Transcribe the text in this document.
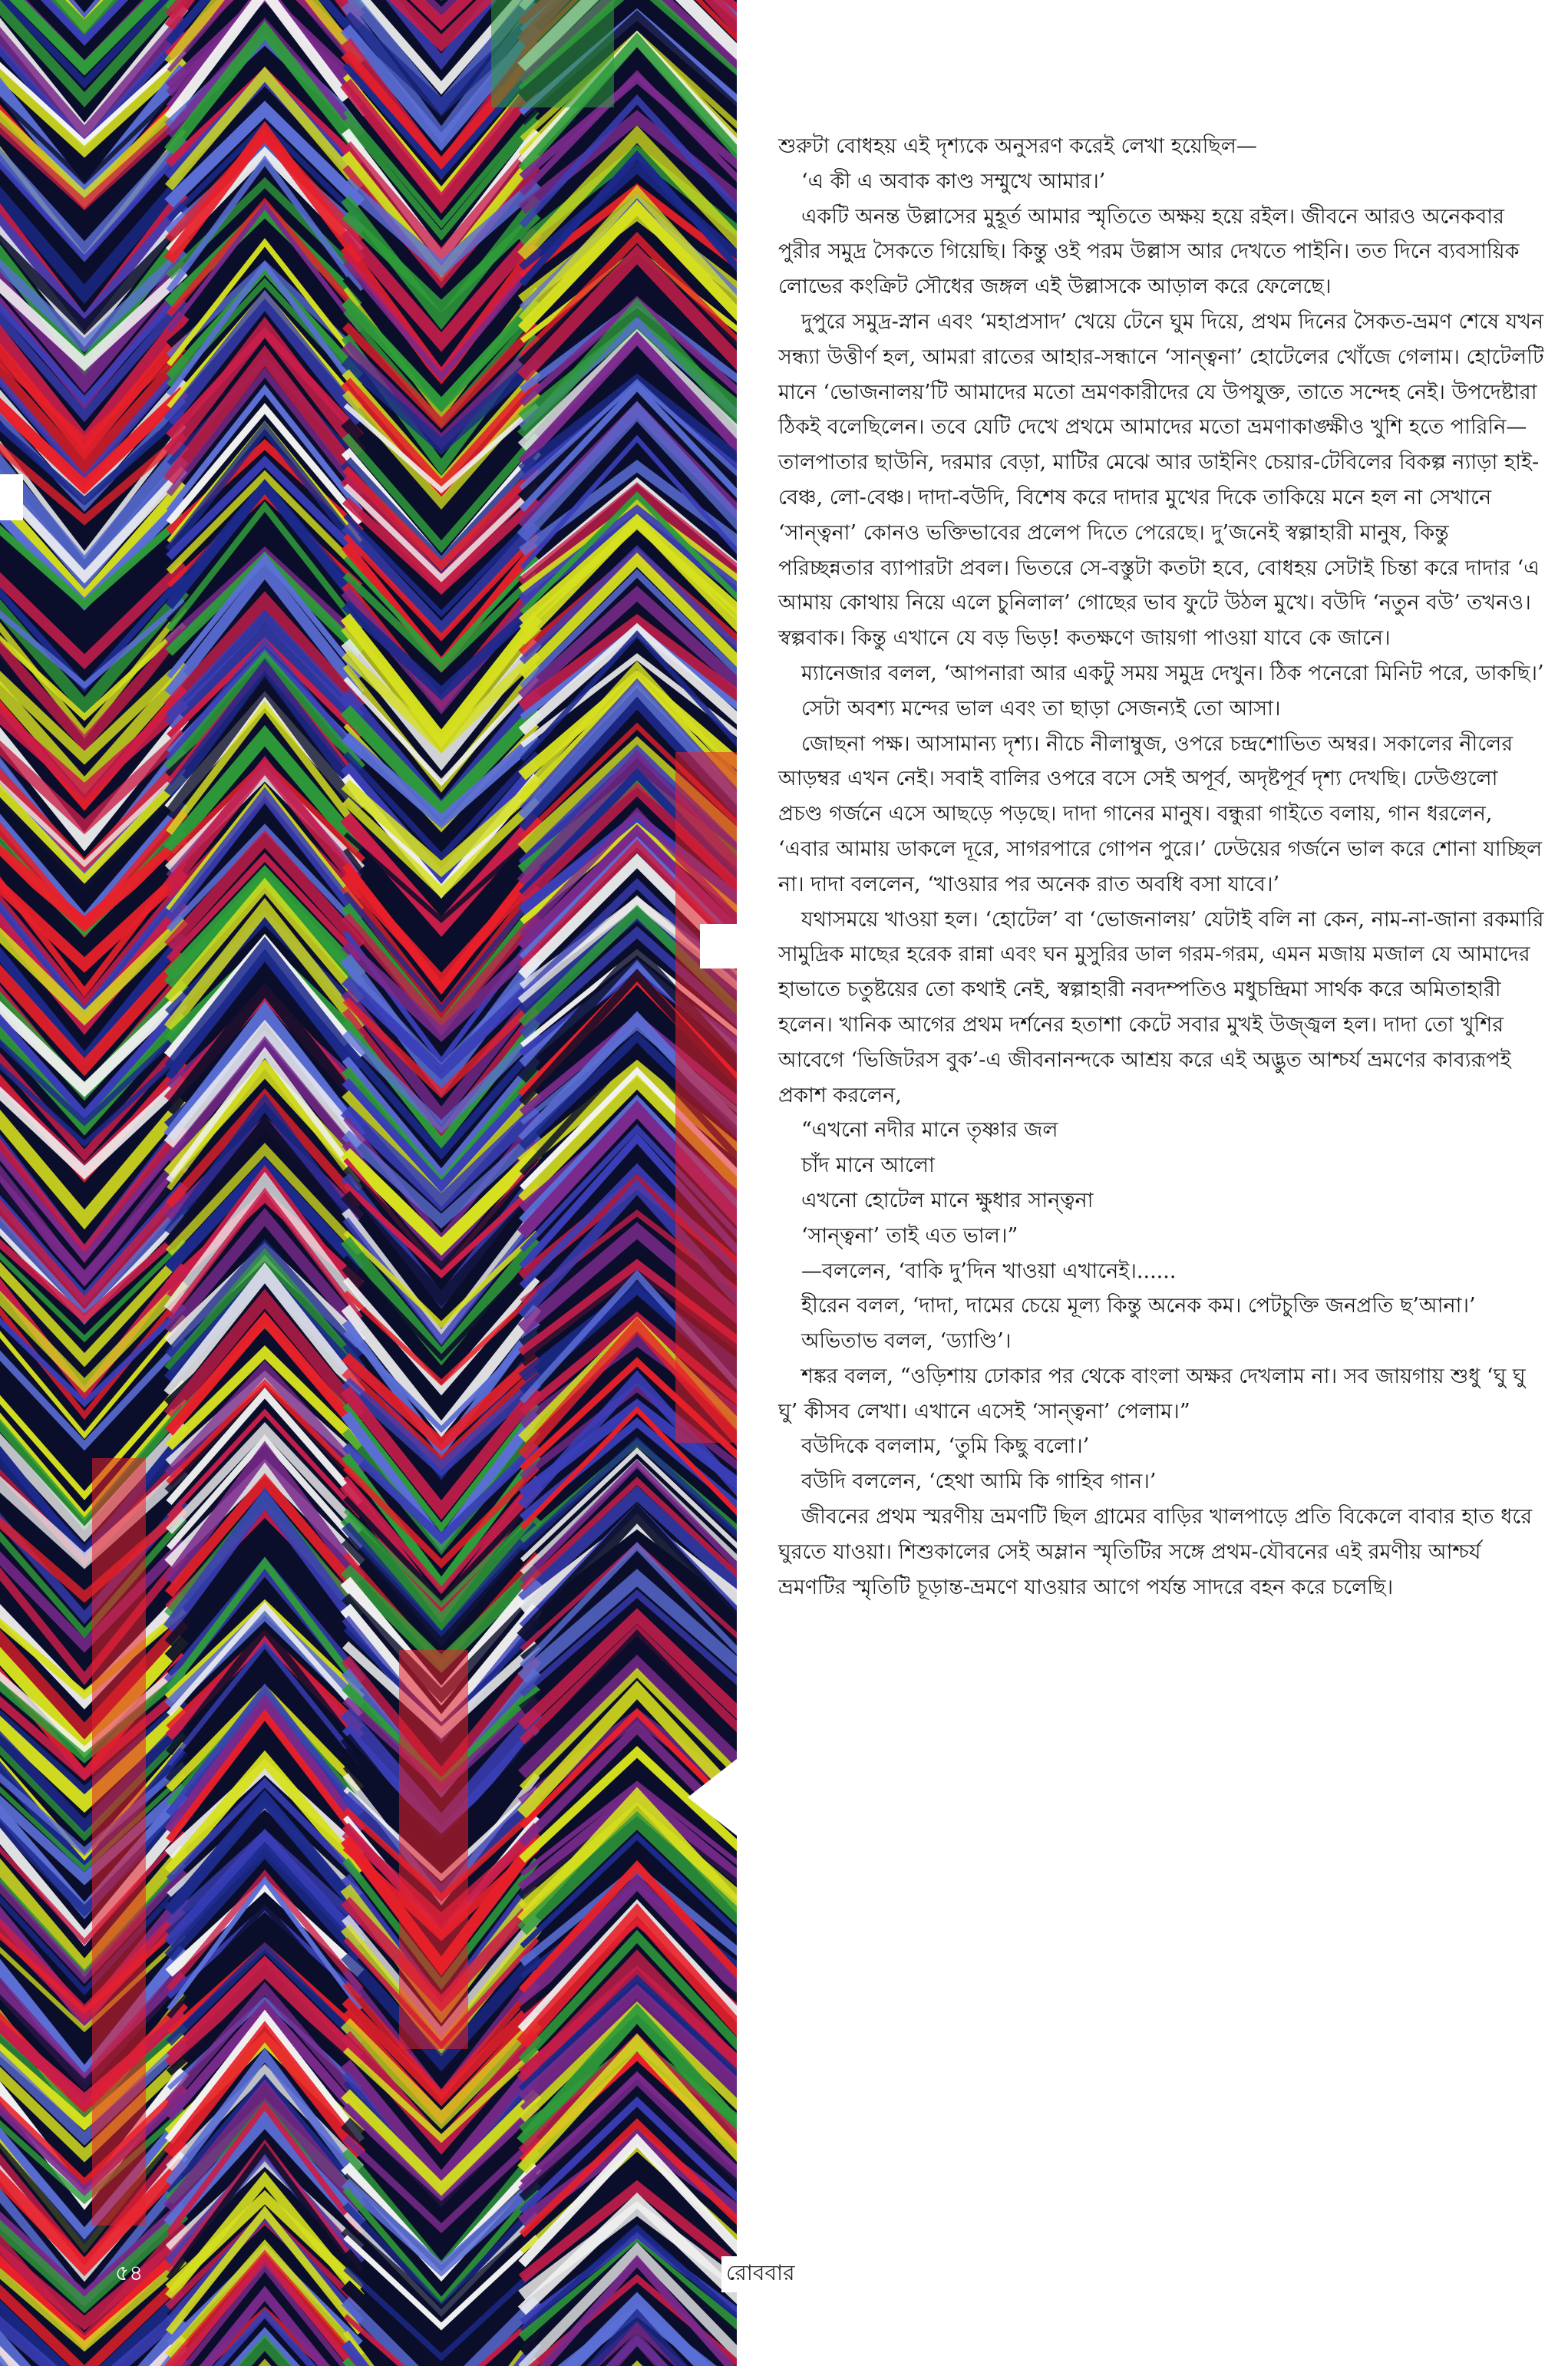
শুরুটা বোধহয় এই দৃশ্যকে অনুসরণ করেই লেখা হয়েছিল—

‘এ কী এ অবাক কাণ্ড সম্মুখে আমার।’

একটি অনন্ত উল্লাসের মুহূর্ত আমার স্মৃতিতে অক্ষয় হয়ে রইল। জীবনে আরও অনেকবার পুরীর সমুদ্র সৈকতে গিয়েছি। কিন্তু ওই পরম উল্লাস আর দেখতে পাইনি। তত দিনে ব্যবসায়িক লোভের কংক্রিট সৌধের জঙ্গল এই উল্লাসকে আড়াল করে ফেলেছে।

দুপুরে সমুদ্র-স্নান এবং ‘মহাপ্রসাদ’ খেয়ে টেনে ঘুম দিয়ে, প্রথম দিনের সৈকত-ভ্রমণ শেষে যখন সন্ধ্যা উত্তীর্ণ হল, আমরা রাতের আহার-সন্ধানে ‘সান্ত্বনা’ হোটেলের খোঁজে গেলাম। হোটেলটি মানে ‘ভোজনালয়’টি আমাদের মতো ভ্রমণকারীদের যে উপযুক্ত, তাতে সন্দেহ নেই। উপদেষ্টারা ঠিকই বলেছিলেন। তবে যেটি দেখে প্রথমে আমাদের মতো ভ্রমণাকাঙ্ক্ষীও খুশি হতে পারিনি—তালপাতার ছাউনি, দরমার বেড়া, মাটির মেঝে আর ডাইনিং চেয়ার-টেবিলের বিকল্প ন্যাড়া হাই-বেঞ্চ, লো-বেঞ্চ। দাদা-বউদি, বিশেষ করে দাদার মুখের দিকে তাকিয়ে মনে হল না সেখানে ‘সান্ত্বনা’ কোনও ভক্তিভাবের প্রলেপ দিতে পেরেছে। দু’জনেই স্বল্পাহারী মানুষ, কিন্তু পরিচ্ছন্নতার ব্যাপারটা প্রবল। ভিতরে সে-বস্তুটা কতটা হবে, বোধহয় সেটাই চিন্তা করে দাদার ‘এ আমায় কোথায় নিয়ে এলে চুনিলাল’ গোছের ভাব ফুটে উঠল মুখে। বউদি ‘নতুন বউ’ তখনও। স্বল্পবাক। কিন্তু এখানে যে বড় ভিড়! কতক্ষণে জায়গা পাওয়া যাবে কে জানে।

ম্যানেজার বলল, ‘আপনারা আর একটু সময় সমুদ্র দেখুন। ঠিক পনেরো মিনিট পরে, ডাকছি।’

সেটা অবশ্য মন্দের ভাল এবং তা ছাড়া সেজন্যই তো আসা।

জোছনা পক্ষ। আসামান্য দৃশ্য। নীচে নীলাম্বুজ, ওপরে চন্দ্রশোভিত অম্বর। সকালের নীলের আড়ম্বর এখন নেই। সবাই বালির ওপরে বসে সেই অপূর্ব, অদৃষ্টপূর্ব দৃশ্য দেখছি। ঢেউগুলো প্রচণ্ড গর্জনে এসে আছড়ে পড়ছে। দাদা গানের মানুষ। বন্ধুরা গাইতে বলায়, গান ধরলেন, ‘এবার আমায় ডাকলে দূরে, সাগরপারে গোপন পুরে।’ ঢেউয়ের গর্জনে ভাল করে শোনা যাচ্ছিল না। দাদা বললেন, ‘খাওয়ার পর অনেক রাত অবধি বসা যাবে।’

যথাসময়ে খাওয়া হল। ‘হোটেল’ বা ‘ভোজনালয়’ যেটাই বলি না কেন, নাম-না-জানা রকমারি সামুদ্রিক মাছের হরেক রান্না এবং ঘন মুসুরির ডাল গরম-গরম, এমন মজায় মজাল যে আমাদের হাভাতে চতুষ্টয়ের তো কথাই নেই, স্বল্পাহারী নবদম্পতিও মধুচন্দ্রিমা সার্থক করে অমিতাহারী হলেন। খানিক আগের প্রথম দর্শনের হতাশা কেটে সবার মুখই উজ্জ্বল হল। দাদা তো খুশির আবেগে ‘ভিজিটরস বুক’-এ জীবনানন্দকে আশ্রয় করে এই অদ্ভুত আশ্চর্য ভ্রমণের কাব্যরূপই প্রকাশ করলেন,

“এখনো নদীর মানে তৃষ্ণার জল

চাঁদ মানে আলো

এখনো হোটেল মানে ক্ষুধার সান্ত্বনা

‘সান্ত্বনা’ তাই এত ভাল।”

—বললেন, ‘বাকি দু’দিন খাওয়া এখানেই।......

হীরেন বলল, ‘দাদা, দামের চেয়ে মূল্য কিন্তু অনেক কম। পেটচুক্তি জনপ্রতি ছ’আনা।’

অভিতাভ বলল, ‘ড্যাণ্ডি’।

শঙ্কর বলল, “ওড়িশায় ঢোকার পর থেকে বাংলা অক্ষর দেখলাম না। সব জায়গায় শুধু ‘ঘু ঘু ঘু’ কীসব লেখা। এখানে এসেই ‘সান্ত্বনা’ পেলাম।”

বউদিকে বললাম, ‘তুমি কিছু বলো।’

বউদি বললেন, ‘হেথা আমি কি গাহিব গান।’

জীবনের প্রথম স্মরণীয় ভ্রমণটি ছিল গ্রামের বাড়ির খালপাড়ে প্রতি বিকেলে বাবার হাত ধরে ঘুরতে যাওয়া। শিশুকালের সেই অম্লান স্মৃতিটির সঙ্গে প্রথম-যৌবনের এই রমণীয় আশ্চর্য ভ্রমণটির স্মৃতিটি চূড়ান্ত-ভ্রমণে যাওয়ার আগে পর্যন্ত সাদরে বহন করে চলেছি।

৫৪	রোববার
